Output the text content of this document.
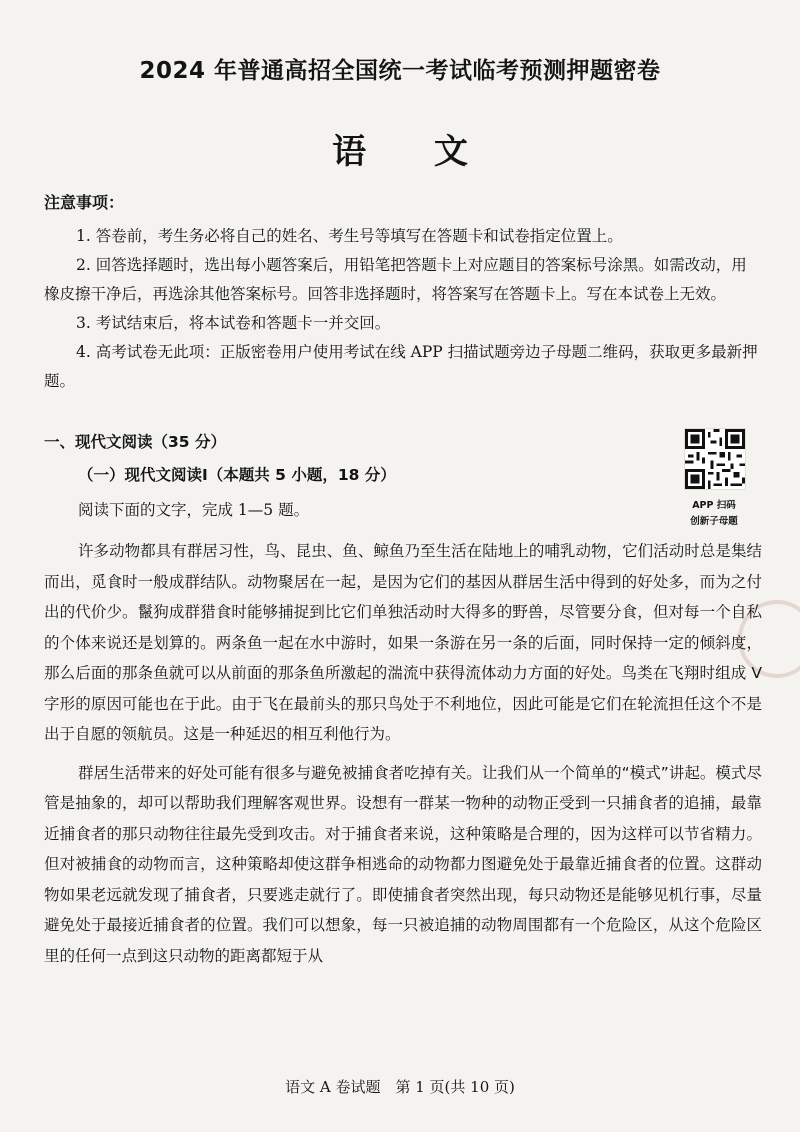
2024 年普通高招全国统一考试临考预测押题密卷
语 文
注意事项：

1. 答卷前，考生务必将自己的姓名、考生号等填写在答题卡和试卷指定位置上。

2. 回答选择题时，选出每小题答案后，用铅笔把答题卡上对应题目的答案标号涂黑。如需改动，用橡皮擦干净后，再选涂其他答案标号。回答非选择题时，将答案写在答题卡上。写在本试卷上无效。

3. 考试结束后，将本试卷和答题卡一并交回。

4. 高考试卷无此项：正版密卷用户使用考试在线 APP 扫描试题旁边子母题二维码，获取更多最新押题。

一、现代文阅读（35 分）
（一）现代文阅读Ⅰ（本题共 5 小题，18 分）
阅读下面的文字，完成 1—5 题。	APP 扫码
创新子母题

许多动物都具有群居习性，鸟、昆虫、鱼、鲸鱼乃至生活在陆地上的哺乳动物，它们活动时总是集结而出，觅食时一般成群结队。动物聚居在一起，是因为它们的基因从群居生活中得到的好处多，而为之付出的代价少。鬣狗成群猎食时能够捕捉到比它们单独活动时大得多的野兽，尽管要分食，但对每一个自私的个体来说还是划算的。两条鱼一起在水中游时，如果一条游在另一条的后面，同时保持一定的倾斜度，那么后面的那条鱼就可以从前面的那条鱼所激起的湍流中获得流体动力方面的好处。鸟类在飞翔时组成 V 字形的原因可能也在于此。由于飞在最前头的那只鸟处于不利地位，因此可能是它们在轮流担任这个不是出于自愿的领航员。这是一种延迟的相互利他行为。

群居生活带来的好处可能有很多与避免被捕食者吃掉有关。让我们从一个简单的“模式”讲起。模式尽管是抽象的，却可以帮助我们理解客观世界。设想有一群某一物种的动物正受到一只捕食者的追捕，最靠近捕食者的那只动物往往最先受到攻击。对于捕食者来说，这种策略是合理的，因为这样可以节省精力。但对被捕食的动物而言，这种策略却使这群争相逃命的动物都力图避免处于最靠近捕食者的位置。这群动物如果老远就发现了捕食者，只要逃走就行了。即使捕食者突然出现，每只动物还是能够见机行事，尽量避免处于最接近捕食者的位置。我们可以想象，每一只被追捕的动物周围都有一个危险区，从这个危险区里的任何一点到这只动物的距离都短于从

语文 A 卷试题　第 1 页(共 10 页)
